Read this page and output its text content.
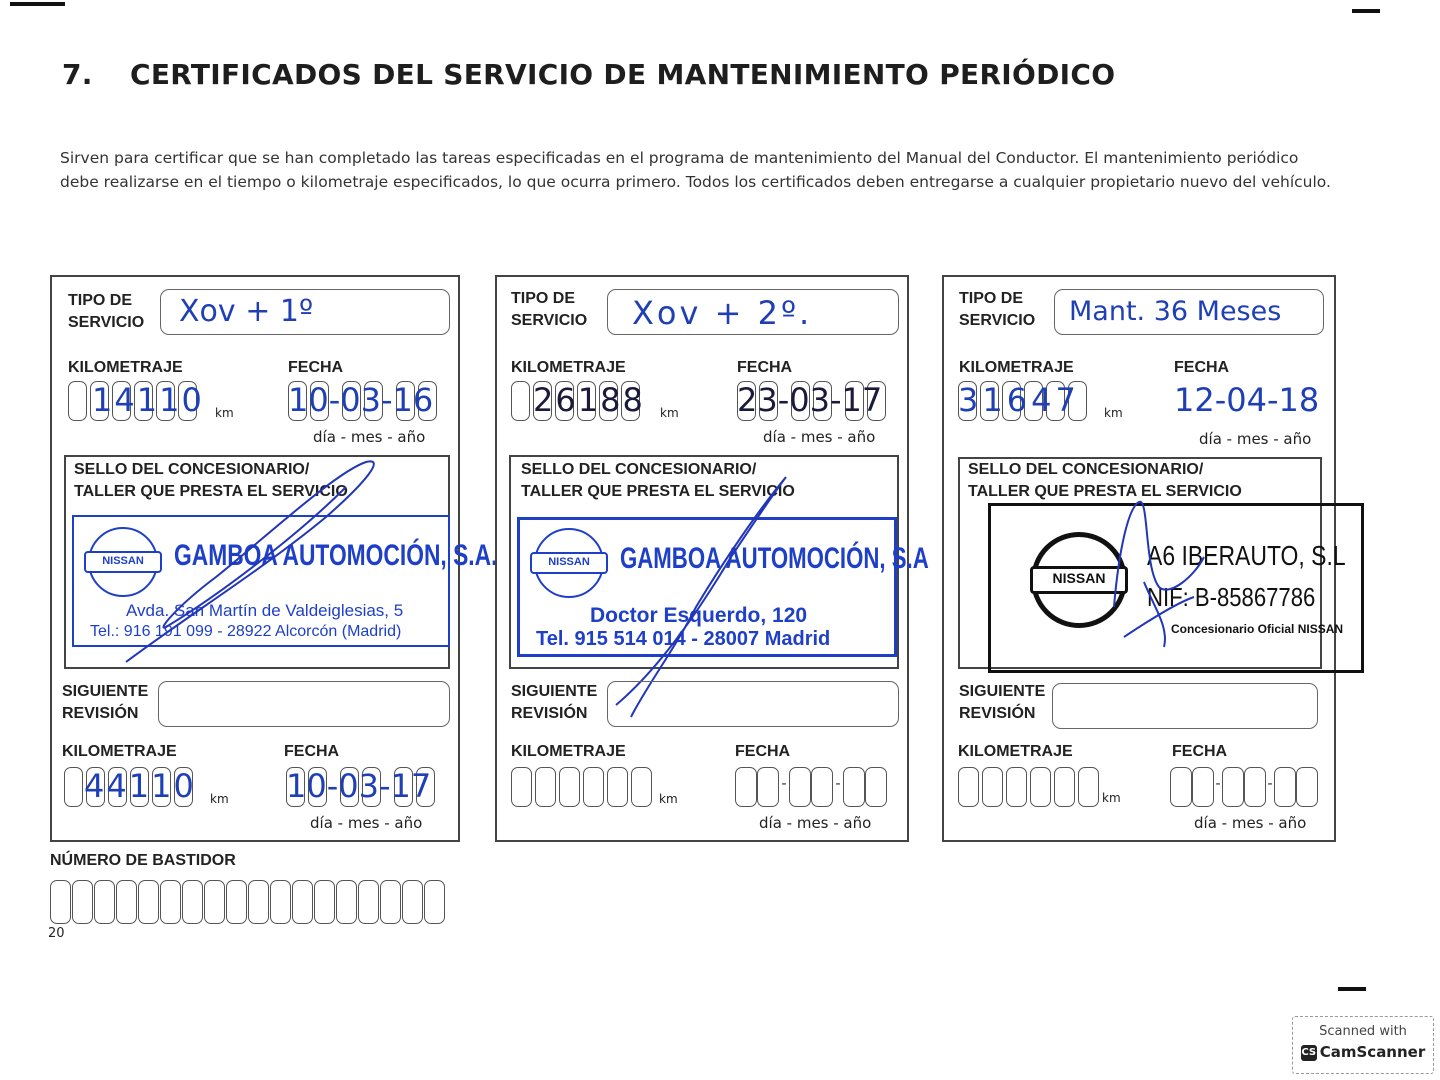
7. CERTIFICADOS DEL SERVICIO DE MANTENIMIENTO PERIÓDICO
Sirven para certificar que se han completado las tareas especificadas en el programa de mantenimiento del Manual del Conductor. El mantenimiento periódico debe realizarse en el tiempo o kilometraje especificados, lo que ocurra primero. Todos los certificados deben entregarse a cualquier propietario nuevo del vehículo.
TIPO DE
SERVICIO Xov + 1º
KILOMETRAJE	FECHA
14110 km 10-03-16
día - mes - año
SELLO DEL CONCESIONARIO/
TALLER QUE PRESTA EL SERVICIO
NISSAN	GAMBOA AUTOMOCIÓN, S.A.
Avda. San Martín de Valdeiglesias, 5
Tel.: 916 191 099 - 28922 Alcorcón (Madrid)
SIGUIENTE
REVISIÓN
KILOMETRAJE	FECHA
44110 km 10-03-17
día - mes - año
TIPO DE
SERVICIO Xov + 2º.
KILOMETRAJE	FECHA
26188 km 23-03-17
día - mes - año
SELLO DEL CONCESIONARIO/
TALLER QUE PRESTA EL SERVICIO
NISSAN	GAMBOA AUTOMOCIÓN, S.A
Doctor Esquerdo, 120
Tel. 915 514 014 - 28007 Madrid
SIGUIENTE
REVISIÓN
KILOMETRAJE	FECHA
km
-	-
día - mes - año
TIPO DE
SERVICIO Mant. 36 Meses
KILOMETRAJE	FECHA
31647 km 12-04-18
día - mes - año
SELLO DEL CONCESIONARIO/
TALLER QUE PRESTA EL SERVICIO
NISSAN
A6 IBERAUTO, S.L
NIF: B-85867786
Concesionario Oficial NISSAN
SIGUIENTE
REVISIÓN
KILOMETRAJE	FECHA
km
-	-
día - mes - año
NÚMERO DE BASTIDOR
20
Scanned with
CS CamScanner
